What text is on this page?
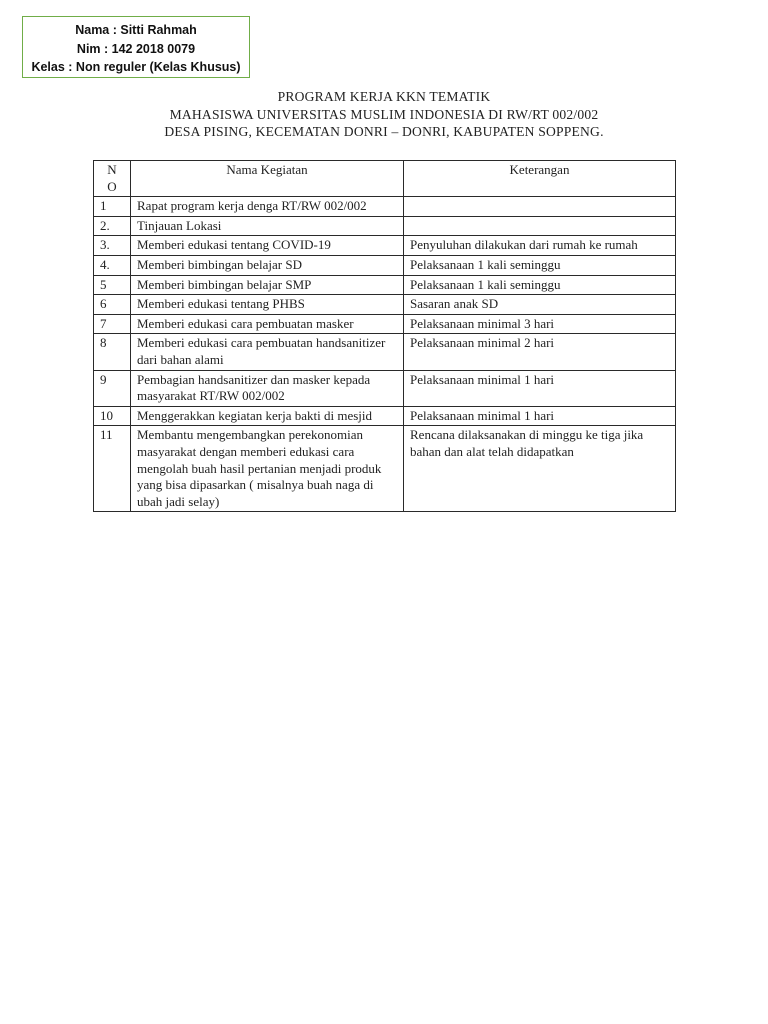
Nama : Sitti Rahmah
Nim : 142 2018 0079
Kelas : Non reguler (Kelas Khusus)
PROGRAM KERJA KKN TEMATIK
MAHASISWA UNIVERSITAS MUSLIM INDONESIA DI RW/RT 002/002
DESA PISING, KECEMATAN DONRI – DONRI, KABUPATEN SOPPENG.
N
O	Nama Kegiatan	Keterangan
1	Rapat program kerja denga RT/RW 002/002	
2.	Tinjauan Lokasi	
3.	Memberi edukasi tentang COVID-19	Penyuluhan dilakukan dari rumah ke rumah
4.	Memberi bimbingan belajar SD	Pelaksanaan 1 kali seminggu
5	Memberi bimbingan belajar SMP	Pelaksanaan 1 kali seminggu
6	Memberi edukasi tentang PHBS	Sasaran anak SD
7	Memberi edukasi cara pembuatan masker	Pelaksanaan minimal 3 hari
8	Memberi edukasi cara pembuatan handsanitizer dari bahan alami	Pelaksanaan minimal 2 hari
9	Pembagian handsanitizer dan masker kepada masyarakat RT/RW 002/002	Pelaksanaan minimal 1 hari
10	Menggerakkan kegiatan kerja bakti di mesjid	Pelaksanaan minimal 1 hari
11	Membantu mengembangkan perekonomian masyarakat dengan memberi edukasi cara mengolah buah hasil pertanian menjadi produk yang bisa dipasarkan ( misalnya buah naga di ubah jadi selay)	Rencana dilaksanakan di minggu ke tiga jika bahan dan alat telah didapatkan
